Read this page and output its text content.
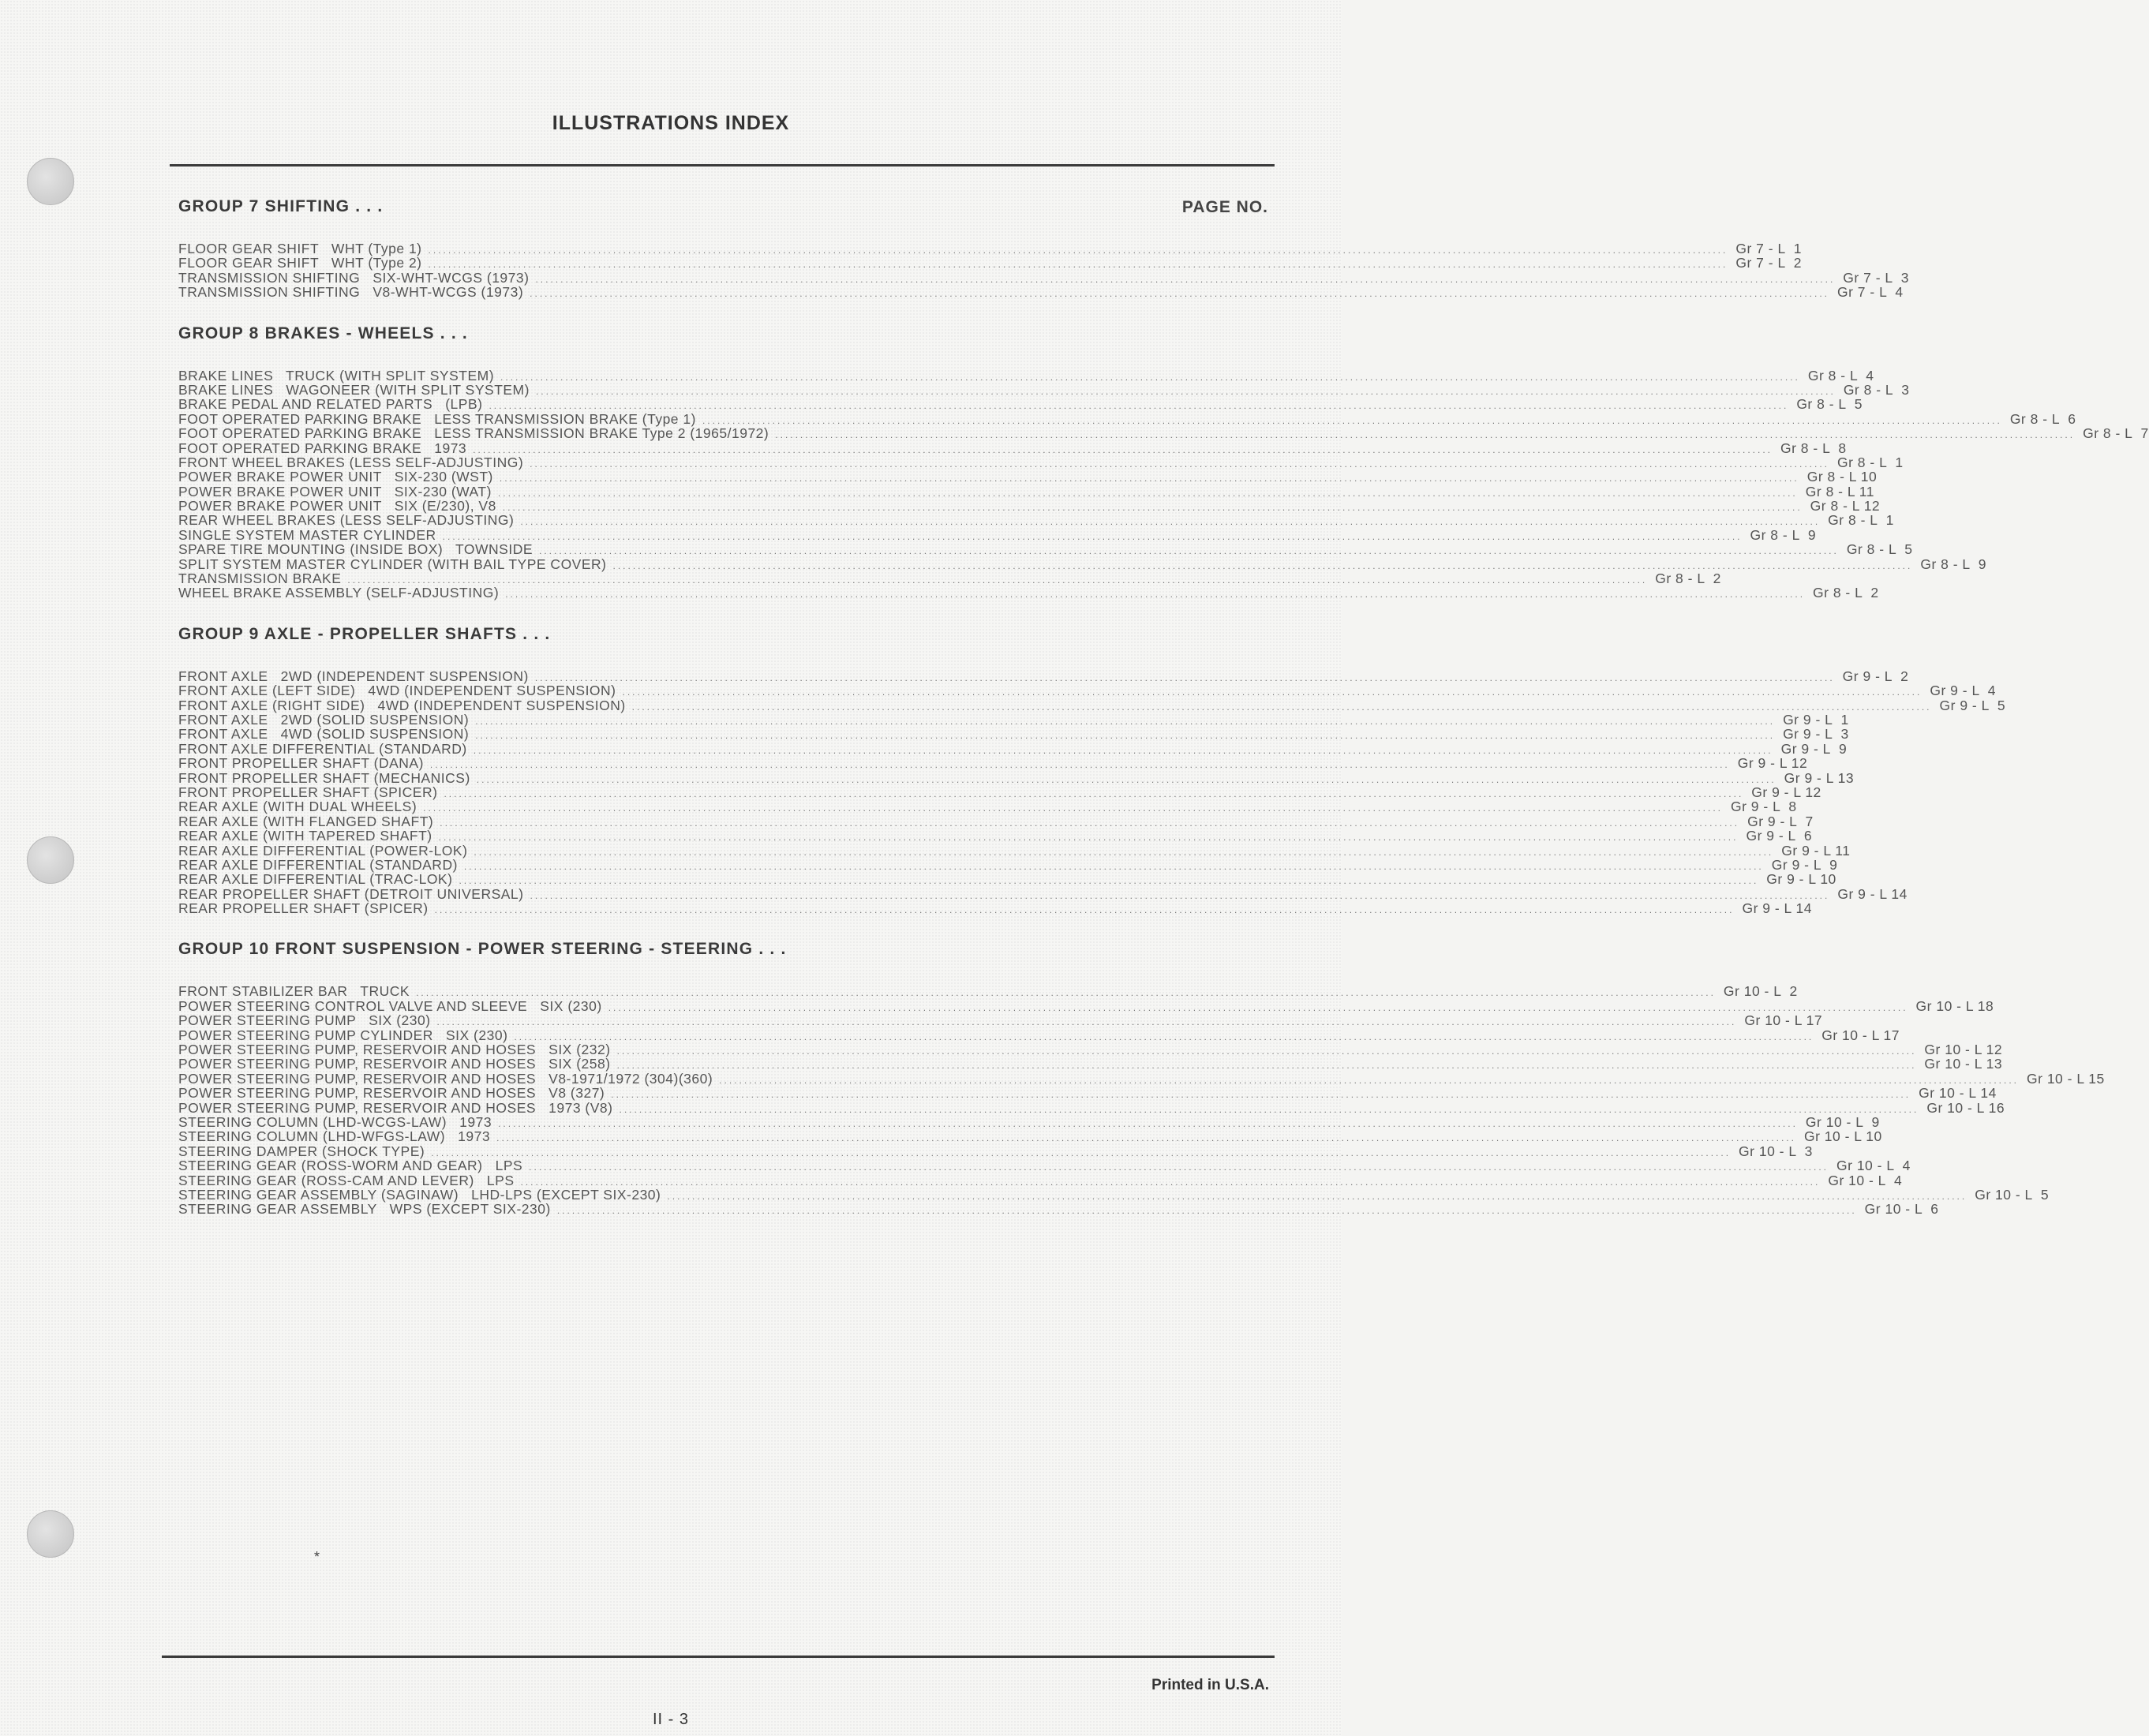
ILLUSTRATIONS INDEX
PAGE NO.
GROUP 7 SHIFTING . . .
FLOOR GEAR SHIFT   WHT (Type 1) .................................................................................................................................................................................................................................................................... Gr 7 - L  1
FLOOR GEAR SHIFT   WHT (Type 2) .................................................................................................................................................................................................................................................................... Gr 7 - L  2
TRANSMISSION SHIFTING   SIX-WHT-WCGS (1973) .................................................................................................................................................................................................................................................................... Gr 7 - L  3
TRANSMISSION SHIFTING   V8-WHT-WCGS (1973) .................................................................................................................................................................................................................................................................... Gr 7 - L  4
GROUP 8 BRAKES - WHEELS . . .
BRAKE LINES   TRUCK (WITH SPLIT SYSTEM) .................................................................................................................................................................................................................................................................... Gr 8 - L  4
BRAKE LINES   WAGONEER (WITH SPLIT SYSTEM) .................................................................................................................................................................................................................................................................... Gr 8 - L  3
BRAKE PEDAL AND RELATED PARTS   (LPB) .................................................................................................................................................................................................................................................................... Gr 8 - L  5
FOOT OPERATED PARKING BRAKE   LESS TRANSMISSION BRAKE (Type 1) .................................................................................................................................................................................................................................................................... Gr 8 - L  6
FOOT OPERATED PARKING BRAKE   LESS TRANSMISSION BRAKE Type 2 (1965/1972) .................................................................................................................................................................................................................................................................... Gr 8 - L  7
FOOT OPERATED PARKING BRAKE   1973 .................................................................................................................................................................................................................................................................... Gr 8 - L  8
FRONT WHEEL BRAKES (LESS SELF-ADJUSTING) .................................................................................................................................................................................................................................................................... Gr 8 - L  1
POWER BRAKE POWER UNIT   SIX-230 (WST) .................................................................................................................................................................................................................................................................... Gr 8 - L 10
POWER BRAKE POWER UNIT   SIX-230 (WAT) .................................................................................................................................................................................................................................................................... Gr 8 - L 11
POWER BRAKE POWER UNIT   SIX (E/230), V8 .................................................................................................................................................................................................................................................................... Gr 8 - L 12
REAR WHEEL BRAKES (LESS SELF-ADJUSTING) .................................................................................................................................................................................................................................................................... Gr 8 - L  1
SINGLE SYSTEM MASTER CYLINDER .................................................................................................................................................................................................................................................................... Gr 8 - L  9
SPARE TIRE MOUNTING (INSIDE BOX)   TOWNSIDE .................................................................................................................................................................................................................................................................... Gr 8 - L  5
SPLIT SYSTEM MASTER CYLINDER (WITH BAIL TYPE COVER) .................................................................................................................................................................................................................................................................... Gr 8 - L  9
TRANSMISSION BRAKE .................................................................................................................................................................................................................................................................... Gr 8 - L  2
WHEEL BRAKE ASSEMBLY (SELF-ADJUSTING) .................................................................................................................................................................................................................................................................... Gr 8 - L  2
GROUP 9 AXLE - PROPELLER SHAFTS . . .
FRONT AXLE   2WD (INDEPENDENT SUSPENSION) .................................................................................................................................................................................................................................................................... Gr 9 - L  2
FRONT AXLE (LEFT SIDE)   4WD (INDEPENDENT SUSPENSION) .................................................................................................................................................................................................................................................................... Gr 9 - L  4
FRONT AXLE (RIGHT SIDE)   4WD (INDEPENDENT SUSPENSION) .................................................................................................................................................................................................................................................................... Gr 9 - L  5
FRONT AXLE   2WD (SOLID SUSPENSION) .................................................................................................................................................................................................................................................................... Gr 9 - L  1
FRONT AXLE   4WD (SOLID SUSPENSION) .................................................................................................................................................................................................................................................................... Gr 9 - L  3
FRONT AXLE DIFFERENTIAL (STANDARD) .................................................................................................................................................................................................................................................................... Gr 9 - L  9
FRONT PROPELLER SHAFT (DANA) .................................................................................................................................................................................................................................................................... Gr 9 - L 12
FRONT PROPELLER SHAFT (MECHANICS) .................................................................................................................................................................................................................................................................... Gr 9 - L 13
FRONT PROPELLER SHAFT (SPICER) .................................................................................................................................................................................................................................................................... Gr 9 - L 12
REAR AXLE (WITH DUAL WHEELS) .................................................................................................................................................................................................................................................................... Gr 9 - L  8
REAR AXLE (WITH FLANGED SHAFT) .................................................................................................................................................................................................................................................................... Gr 9 - L  7
REAR AXLE (WITH TAPERED SHAFT) .................................................................................................................................................................................................................................................................... Gr 9 - L  6
REAR AXLE DIFFERENTIAL (POWER-LOK) .................................................................................................................................................................................................................................................................... Gr 9 - L 11
REAR AXLE DIFFERENTIAL (STANDARD) .................................................................................................................................................................................................................................................................... Gr 9 - L  9
REAR AXLE DIFFERENTIAL (TRAC-LOK) .................................................................................................................................................................................................................................................................... Gr 9 - L 10
REAR PROPELLER SHAFT (DETROIT UNIVERSAL) .................................................................................................................................................................................................................................................................... Gr 9 - L 14
REAR PROPELLER SHAFT (SPICER) .................................................................................................................................................................................................................................................................... Gr 9 - L 14
GROUP 10 FRONT SUSPENSION - POWER STEERING - STEERING . . .
FRONT STABILIZER BAR   TRUCK .................................................................................................................................................................................................................................................................... Gr 10 - L  2
POWER STEERING CONTROL VALVE AND SLEEVE   SIX (230) .................................................................................................................................................................................................................................................................... Gr 10 - L 18
POWER STEERING PUMP   SIX (230) .................................................................................................................................................................................................................................................................... Gr 10 - L 17
POWER STEERING PUMP CYLINDER   SIX (230) .................................................................................................................................................................................................................................................................... Gr 10 - L 17
POWER STEERING PUMP, RESERVOIR AND HOSES   SIX (232) .................................................................................................................................................................................................................................................................... Gr 10 - L 12
POWER STEERING PUMP, RESERVOIR AND HOSES   SIX (258) .................................................................................................................................................................................................................................................................... Gr 10 - L 13
POWER STEERING PUMP, RESERVOIR AND HOSES   V8-1971/1972 (304)(360) .................................................................................................................................................................................................................................................................... Gr 10 - L 15
POWER STEERING PUMP, RESERVOIR AND HOSES   V8 (327) .................................................................................................................................................................................................................................................................... Gr 10 - L 14
POWER STEERING PUMP, RESERVOIR AND HOSES   1973 (V8) .................................................................................................................................................................................................................................................................... Gr 10 - L 16
STEERING COLUMN (LHD-WCGS-LAW)   1973 .................................................................................................................................................................................................................................................................... Gr 10 - L  9
STEERING COLUMN (LHD-WFGS-LAW)   1973 .................................................................................................................................................................................................................................................................... Gr 10 - L 10
STEERING DAMPER (SHOCK TYPE) .................................................................................................................................................................................................................................................................... Gr 10 - L  3
STEERING GEAR (ROSS-WORM AND GEAR)   LPS .................................................................................................................................................................................................................................................................... Gr 10 - L  4
STEERING GEAR (ROSS-CAM AND LEVER)   LPS .................................................................................................................................................................................................................................................................... Gr 10 - L  4
STEERING GEAR ASSEMBLY (SAGINAW)   LHD-LPS (EXCEPT SIX-230) .................................................................................................................................................................................................................................................................... Gr 10 - L  5
STEERING GEAR ASSEMBLY   WPS (EXCEPT SIX-230) .................................................................................................................................................................................................................................................................... Gr 10 - L  6
*
Printed in U.S.A.
II - 3
